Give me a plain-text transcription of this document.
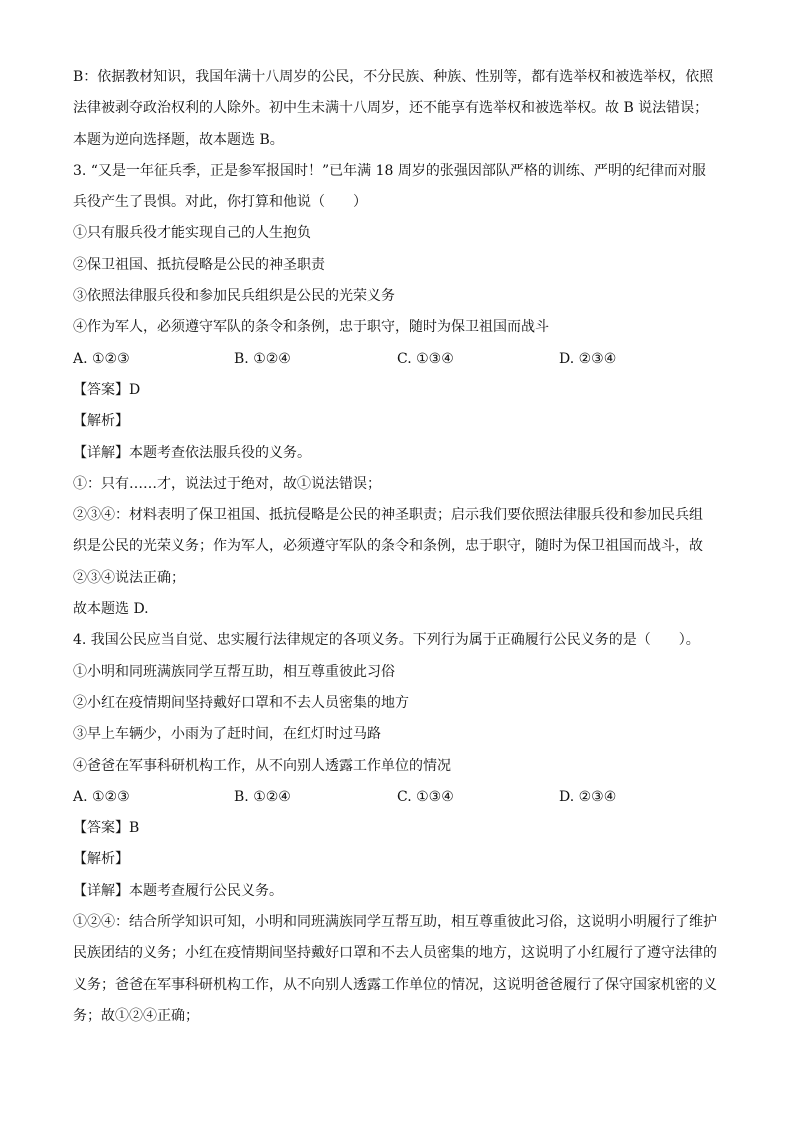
B：依据教材知识，我国年满十八周岁的公民，不分民族、种族、性别等，都有选举权和被选举权，依照
法律被剥夺政治权利的人除外。初中生未满十八周岁，还不能享有选举权和被选举权。故 B 说法错误；
本题为逆向选择题，故本题选 B。
3. “又是一年征兵季，正是参军报国时！”已年满 18 周岁的张强因部队严格的训练、严明的纪律而对服
兵役产生了畏惧。对此，你打算和他说（　　）
①只有服兵役才能实现自己的人生抱负
②保卫祖国、抵抗侵略是公民的神圣职责
③依照法律服兵役和参加民兵组织是公民的光荣义务
④作为军人，必须遵守军队的条令和条例，忠于职守，随时为保卫祖国而战斗
A. ①②③	B. ①②④	C. ①③④	D. ②③④
【答案】D
【解析】
【详解】本题考查依法服兵役的义务。
①：只有……才，说法过于绝对，故①说法错误；
②③④：材料表明了保卫祖国、抵抗侵略是公民的神圣职责；启示我们要依照法律服兵役和参加民兵组
织是公民的光荣义务；作为军人，必须遵守军队的条令和条例，忠于职守，随时为保卫祖国而战斗，故
②③④说法正确；
故本题选 D.
4. 我国公民应当自觉、忠实履行法律规定的各项义务。下列行为属于正确履行公民义务的是（　　）。
①小明和同班满族同学互帮互助，相互尊重彼此习俗
②小红在疫情期间坚持戴好口罩和不去人员密集的地方
③早上车辆少，小雨为了赶时间，在红灯时过马路
④爸爸在军事科研机构工作，从不向别人透露工作单位的情况
A. ①②③	B. ①②④	C. ①③④	D. ②③④
【答案】B
【解析】
【详解】本题考查履行公民义务。
①②④：结合所学知识可知，小明和同班满族同学互帮互助，相互尊重彼此习俗，这说明小明履行了维护
民族团结的义务；小红在疫情期间坚持戴好口罩和不去人员密集的地方，这说明了小红履行了遵守法律的
义务；爸爸在军事科研机构工作，从不向别人透露工作单位的情况，这说明爸爸履行了保守国家机密的义
务；故①②④正确；
